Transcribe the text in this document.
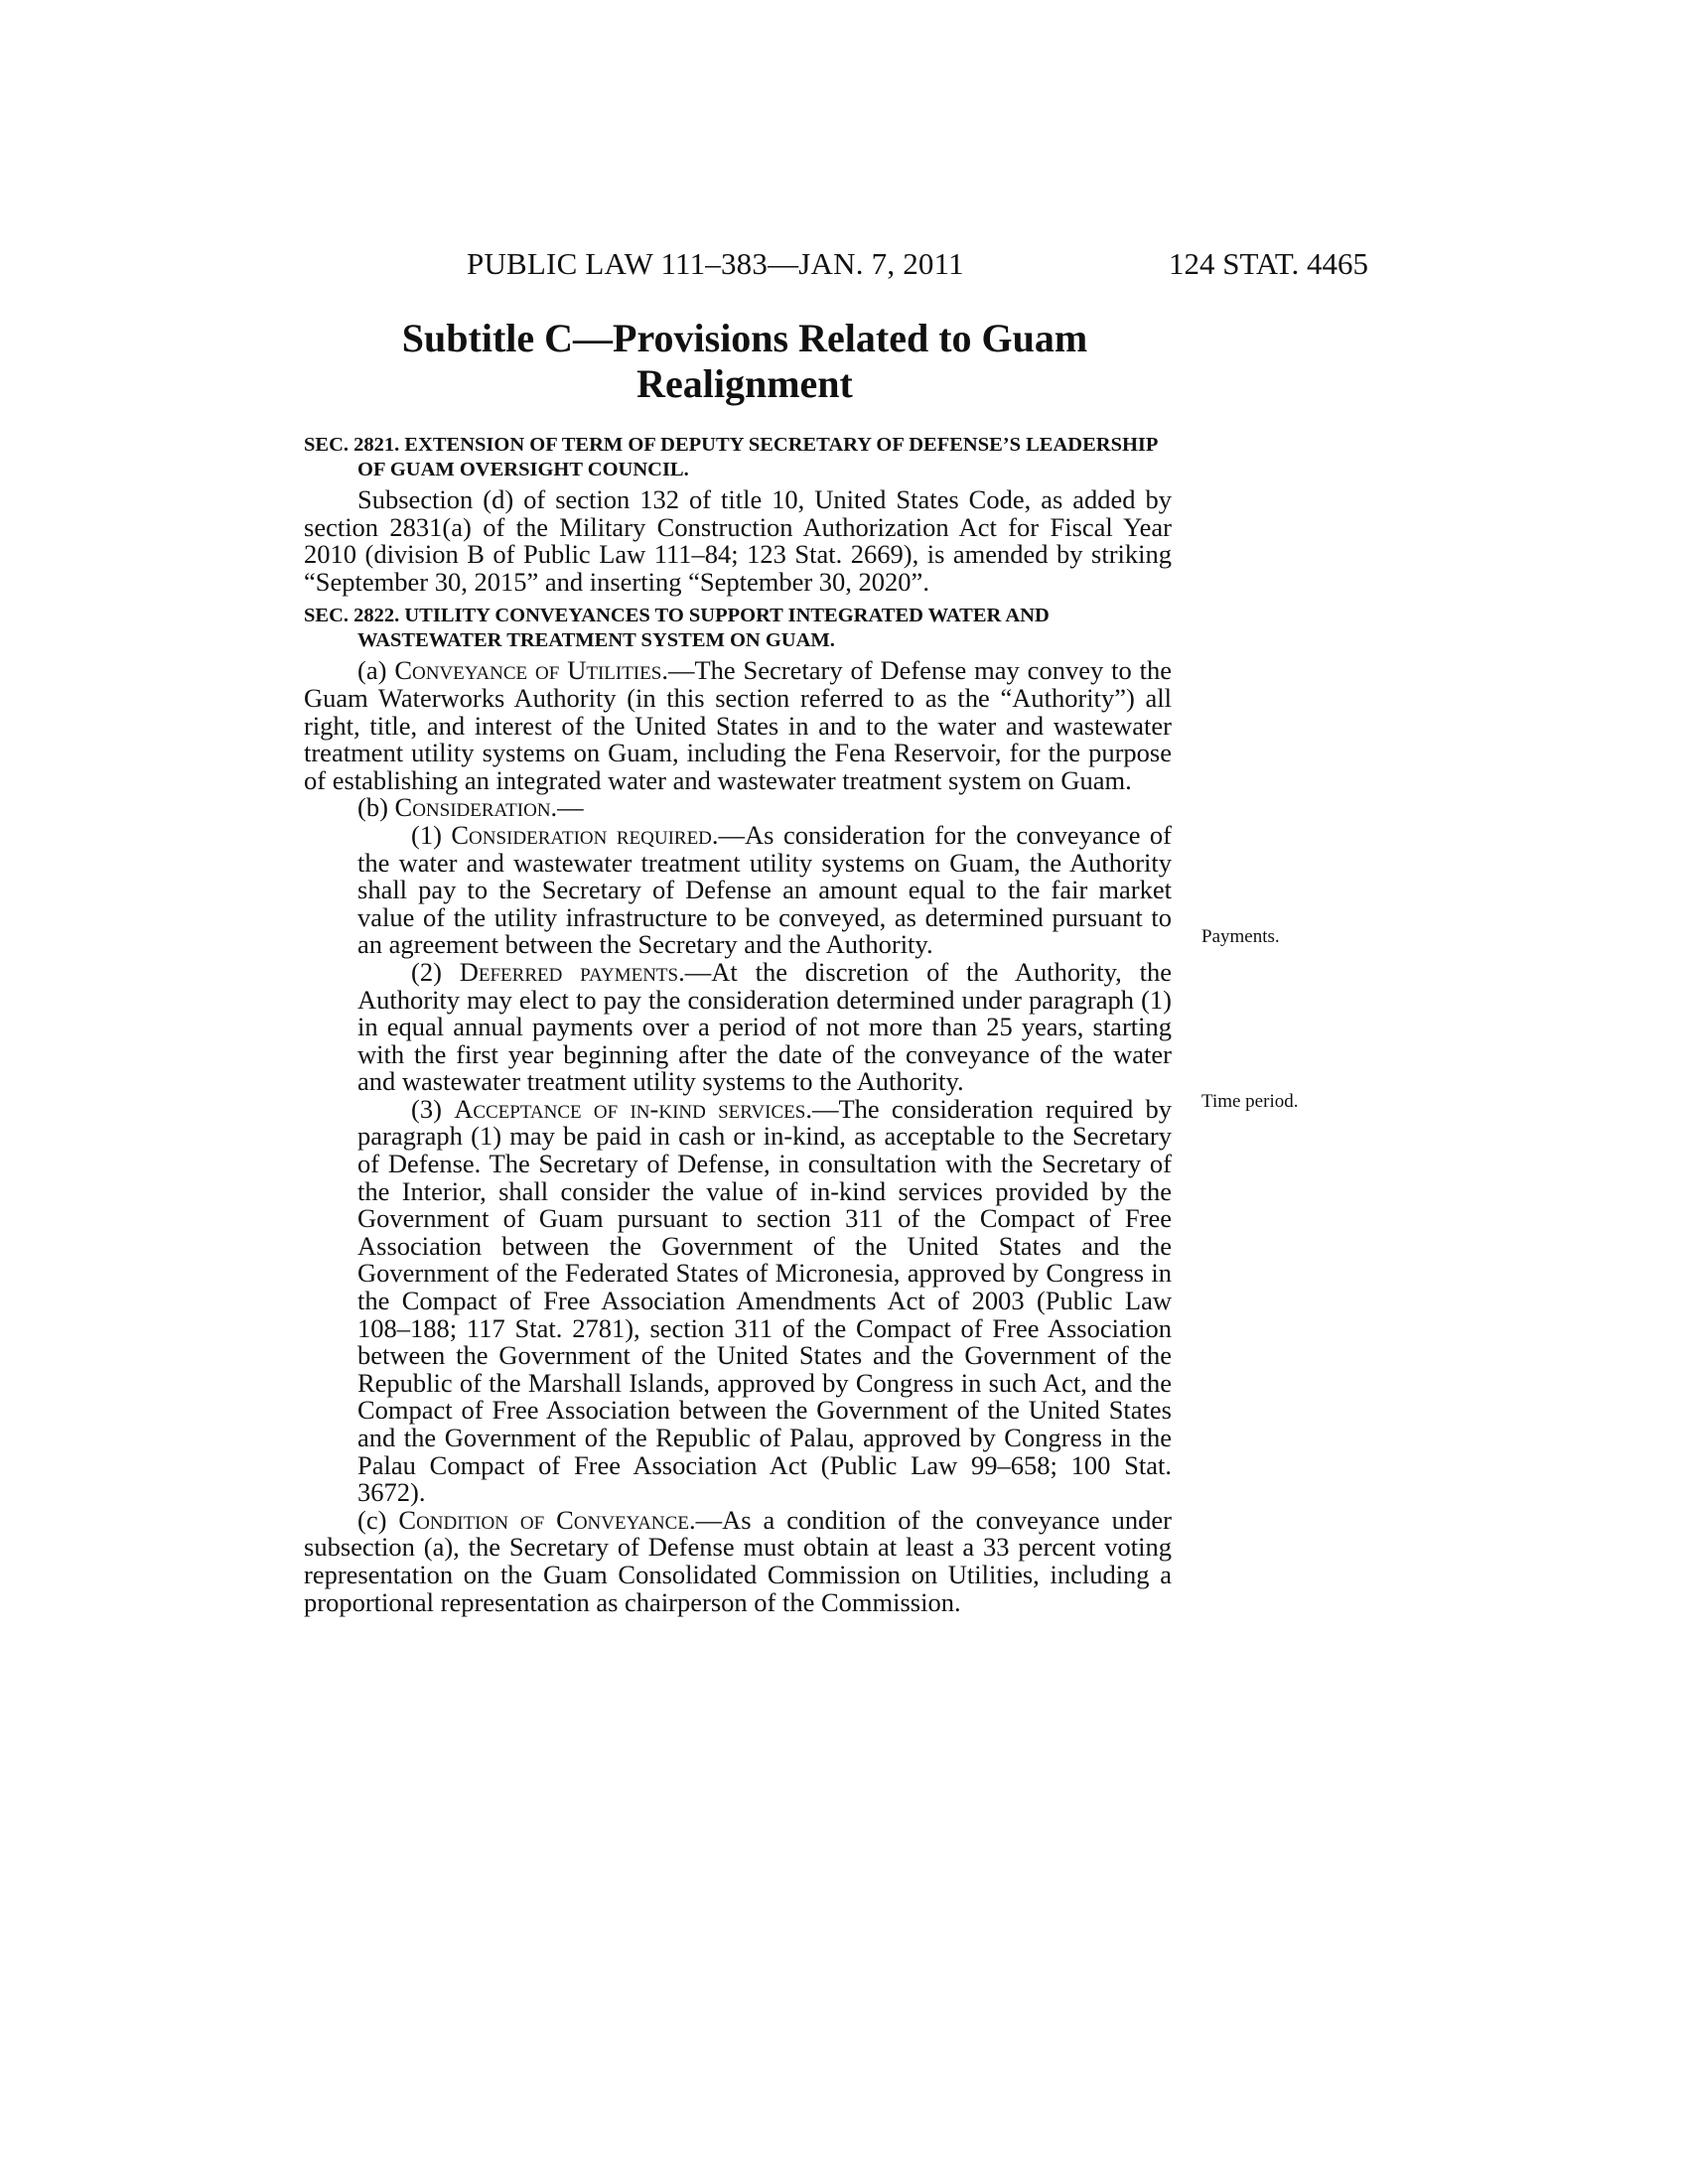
PUBLIC LAW 111–383—JAN. 7, 2011	124 STAT. 4465
Subtitle C—Provisions Related to Guam Realignment

SEC. 2821. EXTENSION OF TERM OF DEPUTY SECRETARY OF DEFENSE’S LEADERSHIP OF GUAM OVERSIGHT COUNCIL.

Subsection (d) of section 132 of title 10, United States Code, as added by section 2831(a) of the Military Construction Authorization Act for Fiscal Year 2010 (division B of Public Law 111–84; 123 Stat. 2669), is amended by striking “September 30, 2015” and inserting “September 30, 2020”.

SEC. 2822. UTILITY CONVEYANCES TO SUPPORT INTEGRATED WATER AND WASTEWATER TREATMENT SYSTEM ON GUAM.

(a) Conveyance of Utilities.—The Secretary of Defense may convey to the Guam Waterworks Authority (in this section referred to as the “Authority”) all right, title, and interest of the United States in and to the water and wastewater treatment utility systems on Guam, including the Fena Reservoir, for the purpose of establishing an integrated water and wastewater treatment system on Guam.

(b) Consideration.—

(1) Consideration required.—As consideration for the conveyance of the water and wastewater treatment utility systems on Guam, the Authority shall pay to the Secretary of Defense an amount equal to the fair market value of the utility infrastructure to be conveyed, as determined pursuant to an agreement between the Secretary and the Authority.

(2) Deferred payments.—At the discretion of the Authority, the Authority may elect to pay the consideration determined under paragraph (1) in equal annual payments over a period of not more than 25 years, starting with the first year beginning after the date of the conveyance of the water and wastewater treatment utility systems to the Authority.

(3) Acceptance of in-kind services.—The consideration required by paragraph (1) may be paid in cash or in-kind, as acceptable to the Secretary of Defense. The Secretary of Defense, in consultation with the Secretary of the Interior, shall consider the value of in-kind services provided by the Government of Guam pursuant to section 311 of the Compact of Free Association between the Government of the United States and the Government of the Federated States of Micronesia, approved by Congress in the Compact of Free Association Amendments Act of 2003 (Public Law 108–188; 117 Stat. 2781), section 311 of the Compact of Free Association between the Government of the United States and the Government of the Republic of the Marshall Islands, approved by Congress in such Act, and the Compact of Free Association between the Government of the United States and the Government of the Republic of Palau, approved by Congress in the Palau Compact of Free Association Act (Public Law 99–658; 100 Stat. 3672).

(c) Condition of Conveyance.—As a condition of the conveyance under subsection (a), the Secretary of Defense must obtain at least a 33 percent voting representation on the Guam Consolidated Commission on Utilities, including a proportional representation as chairperson of the Commission.

Payments.
Time period.
